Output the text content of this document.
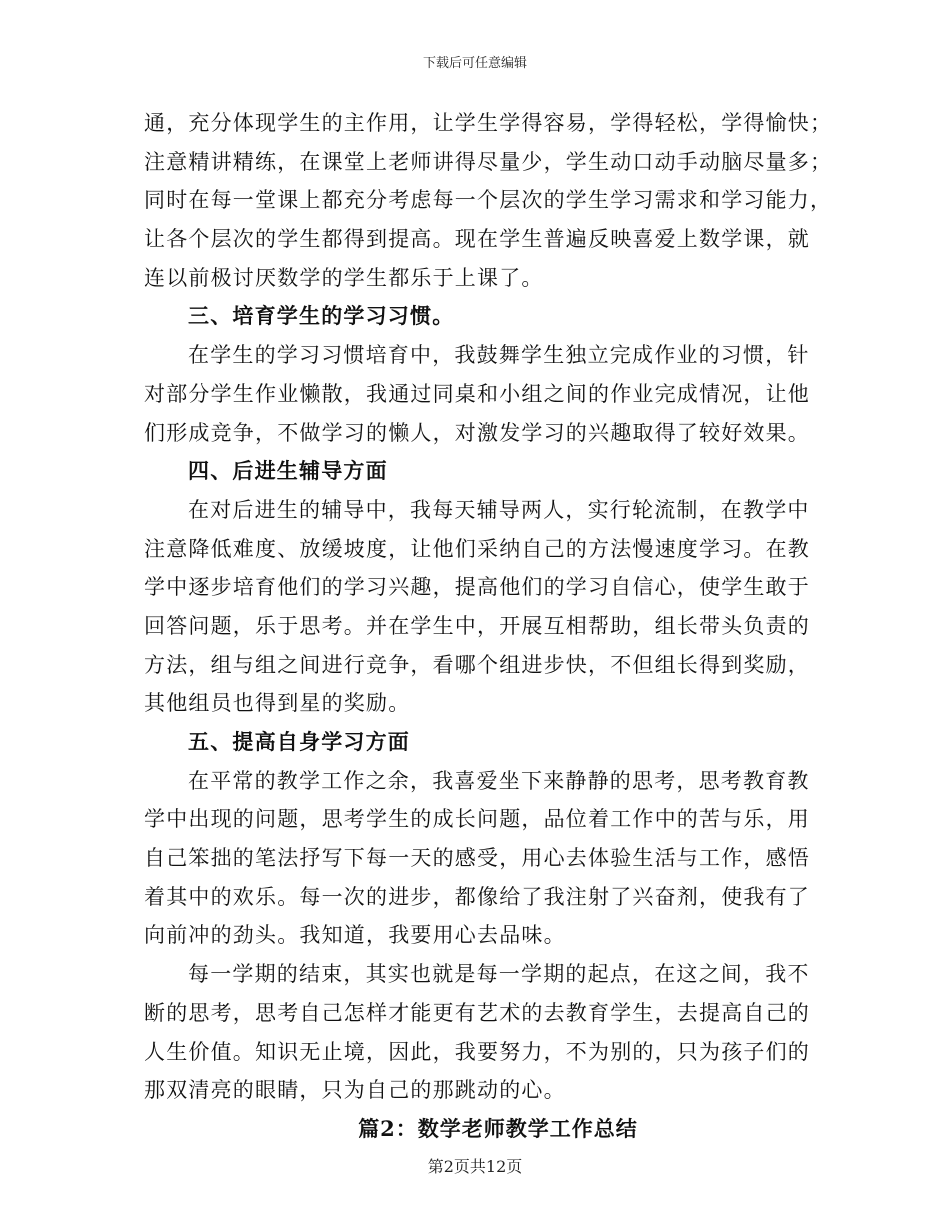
下载后可任意编辑
通，充分体现学生的主作用，让学生学得容易，学得轻松，学得愉快；
注意精讲精练，在课堂上老师讲得尽量少，学生动口动手动脑尽量多；
同时在每一堂课上都充分考虑每一个层次的学生学习需求和学习能力，
让各个层次的学生都得到提高。现在学生普遍反映喜爱上数学课，就
连以前极讨厌数学的学生都乐于上课了。
三、培育学生的学习习惯。
在学生的学习习惯培育中，我鼓舞学生独立完成作业的习惯，针
对部分学生作业懒散，我通过同桌和小组之间的作业完成情况，让他
们形成竞争，不做学习的懒人，对激发学习的兴趣取得了较好效果。
四、后进生辅导方面
在对后进生的辅导中，我每天辅导两人，实行轮流制，在教学中
注意降低难度、放缓坡度，让他们采纳自己的方法慢速度学习。在教
学中逐步培育他们的学习兴趣，提高他们的学习自信心，使学生敢于
回答问题，乐于思考。并在学生中，开展互相帮助，组长带头负责的
方法，组与组之间进行竞争，看哪个组进步快，不但组长得到奖励，
其他组员也得到星的奖励。
五、提高自身学习方面
在平常的教学工作之余，我喜爱坐下来静静的思考，思考教育教
学中出现的问题，思考学生的成长问题，品位着工作中的苦与乐，用
自己笨拙的笔法抒写下每一天的感受，用心去体验生活与工作，感悟
着其中的欢乐。每一次的进步，都像给了我注射了兴奋剂，使我有了
向前冲的劲头。我知道，我要用心去品味。
每一学期的结束，其实也就是每一学期的起点，在这之间，我不
断的思考，思考自己怎样才能更有艺术的去教育学生，去提高自己的
人生价值。知识无止境，因此，我要努力，不为别的，只为孩子们的
那双清亮的眼睛，只为自己的那跳动的心。
篇2：数学老师教学工作总结
第2页共12页
